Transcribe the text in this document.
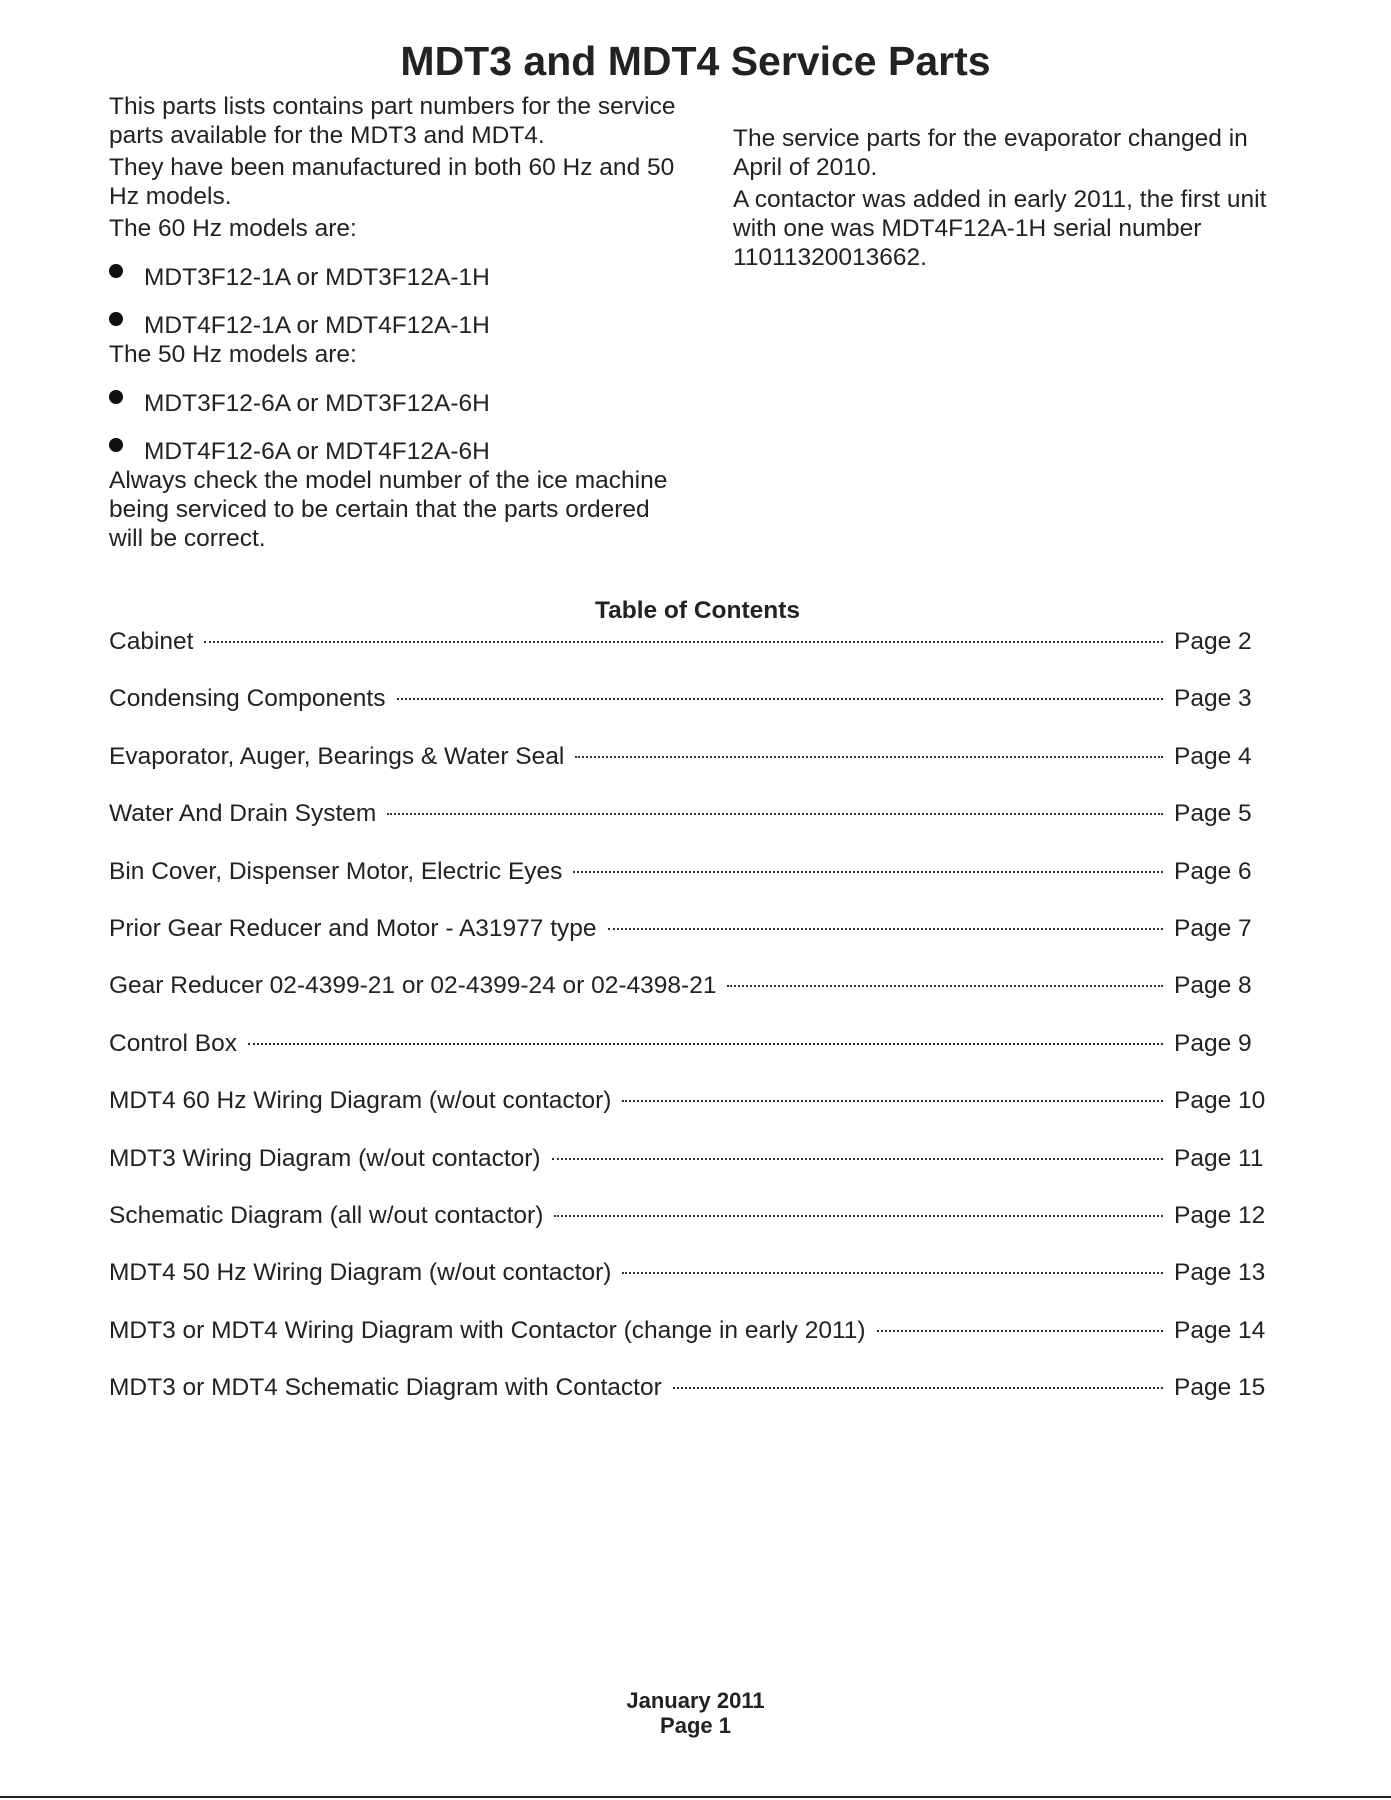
MDT3 and MDT4 Service Parts

This parts lists contains part numbers for the service parts available for the MDT3 and MDT4.

They have been manufactured in both 60 Hz and 50 Hz models.

The 60 Hz models are:

MDT3F12-1A or MDT3F12A-1H
MDT4F12-1A or MDT4F12A-1H

The 50 Hz models are:

MDT3F12-6A or MDT3F12A-6H
MDT4F12-6A or MDT4F12A-6H

Always check the model number of the ice machine being serviced to be certain that the parts ordered will be correct.

The service parts for the evaporator changed in April of 2010.

A contactor was added in early 2011, the first unit with one was MDT4F12A-1H serial number 11011320013662.

Table of Contents
Cabinet	Page 2
Condensing Components	Page 3
Evaporator, Auger, Bearings & Water Seal	Page 4
Water And Drain System	Page 5
Bin Cover, Dispenser Motor, Electric Eyes	Page 6
Prior Gear Reducer and Motor - A31977 type	Page 7
Gear Reducer 02-4399-21 or 02-4399-24 or 02-4398-21	Page 8
Control Box	Page 9
MDT4 60 Hz Wiring Diagram (w/out contactor)	Page 10
MDT3 Wiring Diagram (w/out contactor)	Page 11
Schematic Diagram (all w/out contactor)	Page 12
MDT4 50 Hz Wiring Diagram (w/out contactor)	Page 13
MDT3 or MDT4 Wiring Diagram with Contactor (change in early 2011)	Page 14
MDT3 or MDT4 Schematic Diagram with Contactor	Page 15
January 2011
Page 1
